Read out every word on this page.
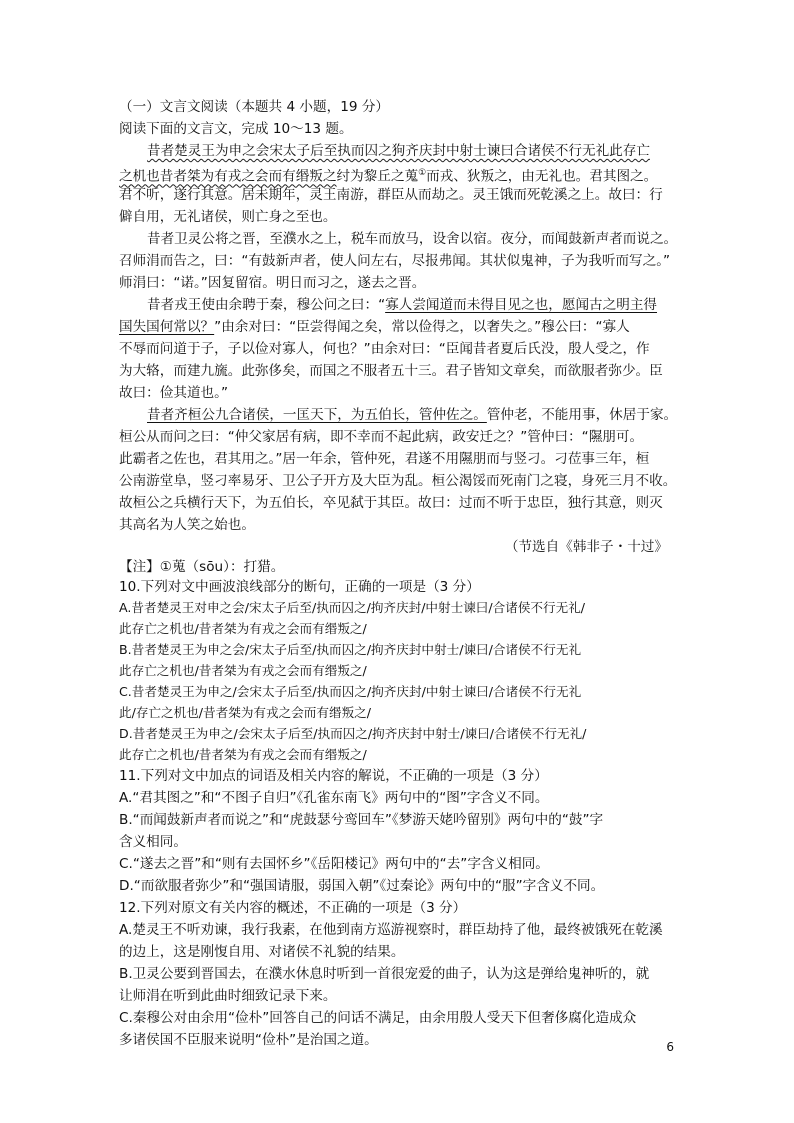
（一）文言文阅读（本题共 4 小题，19 分）
阅读下面的文言文，完成 10～13 题。
昔者楚灵王为申之会宋太子后至执而囚之狗齐庆封中射士谏曰合诸侯不行无礼此存亡
之机也昔者桀为有戎之会而有缗叛之纣为黎丘之蒐①而戎、狄叛之，由无礼也。君其图之。
君不听，遂行其意。居未期年，灵王南游，群臣从而劫之。灵王饿而死乾溪之上。故曰：行
僻自用，无礼诸侯，则亡身之至也。
昔者卫灵公将之晋，至濮水之上，税车而放马，设舍以宿。夜分，而闻鼓新声者而说之。
召师涓而告之，曰：“有鼓新声者，使人问左右，尽报弗闻。其状似鬼神，子为我听而写之。”
师涓曰：“诺。”因复留宿。明日而习之，遂去之晋。
昔者戎王使由余聘于秦，穆公问之曰：“寡人尝闻道而未得目见之也，愿闻古之明主得
国失国何常以？”由余对曰：“臣尝得闻之矣，常以俭得之，以奢失之。”穆公曰：“寡人
不辱而问道于子，子以俭对寡人，何也？”由余对曰：“臣闻昔者夏后氏没，殷人受之，作
为大辂，而建九旒。此弥侈矣，而国之不服者五十三。君子皆知文章矣，而欲服者弥少。臣
故曰：俭其道也。”
昔者齐桓公九合诸侯，一匡天下，为五伯长，管仲佐之。管仲老，不能用事，休居于家。
桓公从而问之曰：“仲父家居有病，即不幸而不起此病，政安迁之？”管仲曰：“隰朋可。
此霸者之佐也，君其用之。”居一年余，管仲死，君遂不用隰朋而与竖刁。刁莅事三年，桓
公南游堂阜，竖刁率易牙、卫公子开方及大臣为乱。桓公渴馁而死南门之寝，身死三月不收。
故桓公之兵横行天下，为五伯长，卒见弑于其臣。故曰：过而不听于忠臣，独行其意，则灭
其高名为人笑之始也。
（节选自《韩非子・十过》
【注】①蒐（sōu）：打猎。
10.下列对文中画波浪线部分的断句，正确的一项是（3 分）
A.昔者楚灵王对申之会/宋太子后至/执而囚之/拘齐庆封/中射士谏曰/合诸侯不行无礼/
此存亡之机也/昔者桀为有戎之会而有缗叛之/
B.昔者楚灵王为申之会/宋太子后至/执而囚之/拘齐庆封中射士/谏曰/合诸侯不行无礼
此存亡之机也/昔者桀为有戎之会而有缗叛之/
C.昔者楚灵王为申之/会宋太子后至/执而囚之/拘齐庆封/中射士谏曰/合诸侯不行无礼
此/存亡之机也/昔者桀为有戎之会而有缗叛之/
D.昔者楚灵王为申之/会宋太子后至/执而囚之/拘齐庆封中射士/谏曰/合诸侯不行无礼/
此存亡之机也/昔者桀为有戎之会而有缗叛之/
11.下列对文中加点的词语及相关内容的解说，不正确的一项是（3 分）
A.“君其图之”和“不图子自归”《孔雀东南飞》两句中的“图”字含义不同。
B.“而闻鼓新声者而说之”和“虎鼓瑟兮鸾回车”《梦游天姥吟留别》两句中的“鼓”字
含义相同。
C.“遂去之晋”和“则有去国怀乡”《岳阳楼记》两句中的“去”字含义相同。
D.“而欲服者弥少”和“强国请服，弱国入朝”《过秦论》两句中的“服”字含义不同。
12.下列对原文有关内容的概述，不正确的一项是（3 分）
A.楚灵王不听劝谏，我行我素，在他到南方巡游视察时，群臣劫持了他，最终被饿死在乾溪
的边上，这是刚愎自用、对诸侯不礼貌的结果。
B.卫灵公要到晋国去，在濮水休息时听到一首很宠爱的曲子，认为这是弹给鬼神听的，就
让师涓在听到此曲时细致记录下来。
C.秦穆公对由余用“俭朴”回答自己的问话不满足，由余用殷人受天下但奢侈腐化造成众
多诸侯国不臣服来说明“俭朴”是治国之道。	6
